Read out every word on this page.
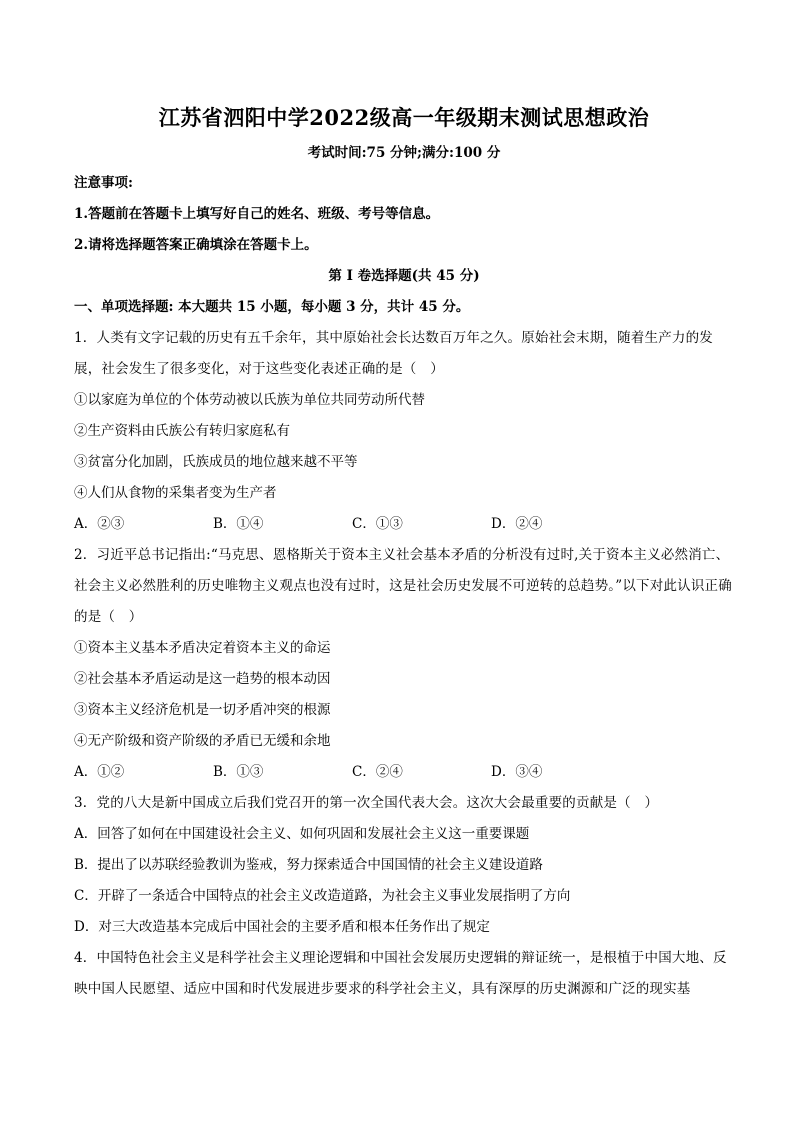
江苏省泗阳中学2022级高一年级期末测试思想政治
考试时间:75 分钟;满分:100 分
注意事项:
1.答题前在答题卡上填写好自己的姓名、班级、考号等信息。
2.请将选择题答案正确填涂在答题卡上。
第 I 卷选择题(共 45 分)
一、单项选择题: 本大题共 15 小题，每小题 3 分，共计 45 分。
1．人类有文字记载的历史有五千余年，其中原始社会长达数百万年之久。原始社会末期，随着生产力的发展，社会发生了很多变化，对于这些变化表述正确的是（　）
①以家庭为单位的个体劳动被以氏族为单位共同劳动所代替
②生产资料由氏族公有转归家庭私有
③贫富分化加剧，氏族成员的地位越来越不平等
④人们从食物的采集者变为生产者
A．②③	B．①④	C．①③	D．②④
2．习近平总书记指出:“马克思、恩格斯关于资本主义社会基本矛盾的分析没有过时,关于资本主义必然消亡、社会主义必然胜利的历史唯物主义观点也没有过时，这是社会历史发展不可逆转的总趋势。”以下对此认识正确的是（　）
①资本主义基本矛盾决定着资本主义的命运
②社会基本矛盾运动是这一趋势的根本动因
③资本主义经济危机是一切矛盾冲突的根源
④无产阶级和资产阶级的矛盾已无缓和余地
A．①②	B．①③	C．②④	D．③④
3．党的八大是新中国成立后我们党召开的第一次全国代表大会。这次大会最重要的贡献是（　）
A．回答了如何在中国建设社会主义、如何巩固和发展社会主义这一重要课题
B．提出了以苏联经验教训为鉴戒，努力探索适合中国国情的社会主义建设道路
C．开辟了一条适合中国特点的社会主义改造道路，为社会主义事业发展指明了方向
D．对三大改造基本完成后中国社会的主要矛盾和根本任务作出了规定
4．中国特色社会主义是科学社会主义理论逻辑和中国社会发展历史逻辑的辩证统一，是根植于中国大地、反映中国人民愿望、适应中国和时代发展进步要求的科学社会主义，具有深厚的历史渊源和广泛的现实基
